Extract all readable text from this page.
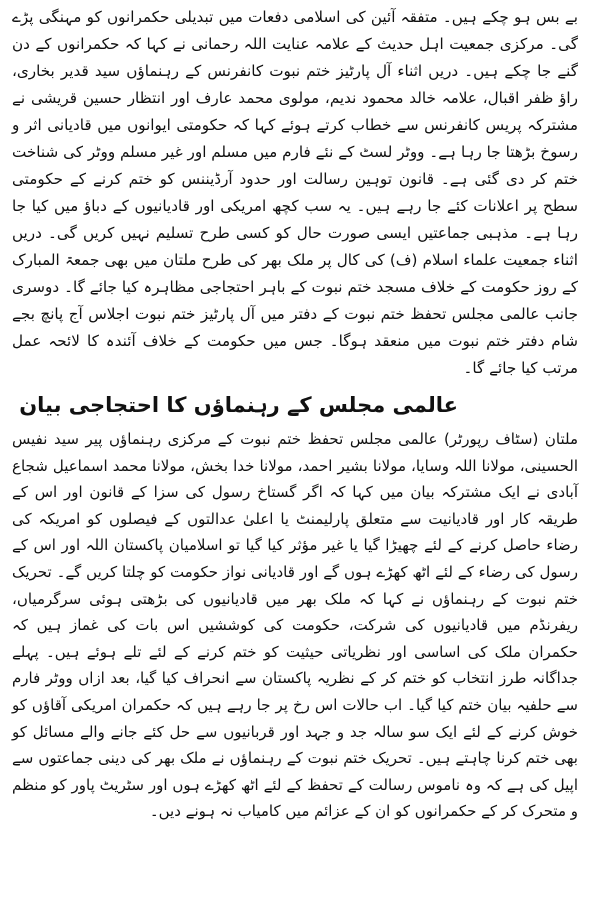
بے بس ہو چکے ہیں۔ متفقہ آئین کی اسلامی دفعات میں تبدیلی حکمرانوں کو مہنگی پڑے گی۔ مرکزی جمعیت اہل حدیث کے علامہ عنایت اللہ رحمانی نے کہا کہ حکمرانوں کے دن گنے جا چکے ہیں۔ دریں اثناء آل پارٹیز ختم نبوت کانفرنس کے رہنماؤں سید قدیر بخاری، راؤ ظفر اقبال، علامہ خالد محمود ندیم، مولوی محمد عارف اور انتظار حسین قریشی نے مشترکہ پریس کانفرنس سے خطاب کرتے ہوئے کہا کہ حکومتی ایوانوں میں قادیانی اثر و رسوخ بڑھتا جا رہا ہے۔ ووٹر لسٹ کے نئے فارم میں مسلم اور غیر مسلم ووٹر کی شناخت ختم کر دی گئی ہے۔ قانون توہین رسالت اور حدود آرڈیننس کو ختم کرنے کے حکومتی سطح پر اعلانات کئے جا رہے ہیں۔ یہ سب کچھ امریکی اور قادیانیوں کے دباؤ میں کیا جا رہا ہے۔ مذہبی جماعتیں ایسی صورت حال کو کسی طرح تسلیم نہیں کریں گی۔ دریں اثناء جمعیت علماء اسلام (ف) کی کال پر ملک بھر کی طرح ملتان میں بھی جمعۃ المبارک کے روز حکومت کے خلاف مسجد ختم نبوت کے باہر احتجاجی مظاہرہ کیا جائے گا۔ دوسری جانب عالمی مجلس تحفظ ختم نبوت کے دفتر میں آل پارٹیز ختم نبوت اجلاس آج پانچ بجے شام دفتر ختم نبوت میں منعقد ہوگا۔ جس میں حکومت کے خلاف آئندہ کا لائحہ عمل مرتب کیا جائے گا۔

عالمی مجلس کے رہنماؤں کا احتجاجی بیان

ملتان (سٹاف رپورٹر) عالمی مجلس تحفظ ختم نبوت کے مرکزی رہنماؤں پیر سید نفیس الحسینی، مولانا اللہ وسایا، مولانا بشیر احمد، مولانا خدا بخش، مولانا محمد اسماعیل شجاع آبادی نے ایک مشترکہ بیان میں کہا کہ اگر گستاخ رسول کی سزا کے قانون اور اس کے طریقہ کار اور قادیانیت سے متعلق پارلیمنٹ یا اعلیٰ عدالتوں کے فیصلوں کو امریکہ کی رضاء حاصل کرنے کے لئے چھیڑا گیا یا غیر مؤثر کیا گیا تو اسلامیان پاکستان اللہ اور اس کے رسول کی رضاء کے لئے اٹھ کھڑے ہوں گے اور قادیانی نواز حکومت کو چلتا کریں گے۔ تحریک ختم نبوت کے رہنماؤں نے کہا کہ ملک بھر میں قادیانیوں کی بڑھتی ہوئی سرگرمیاں، ریفرنڈم میں قادیانیوں کی شرکت، حکومت کی کوششیں اس بات کی غماز ہیں کہ حکمران ملک کی اساسی اور نظریاتی حیثیت کو ختم کرنے کے لئے تلے ہوئے ہیں۔ پہلے جداگانہ طرز انتخاب کو ختم کر کے نظریہ پاکستان سے انحراف کیا گیا، بعد ازاں ووٹر فارم سے حلفیہ بیان ختم کیا گیا۔ اب حالات اس رخ پر جا رہے ہیں کہ حکمران امریکی آقاؤں کو خوش کرنے کے لئے ایک سو سالہ جد و جہد اور قربانیوں سے حل کئے جانے والے مسائل کو بھی ختم کرنا چاہتے ہیں۔ تحریک ختم نبوت کے رہنماؤں نے ملک بھر کی دینی جماعتوں سے اپیل کی ہے کہ وہ ناموس رسالت کے تحفظ کے لئے اٹھ کھڑے ہوں اور سٹریٹ پاور کو منظم و متحرک کر کے حکمرانوں کو ان کے عزائم میں کامیاب نہ ہونے دیں۔
